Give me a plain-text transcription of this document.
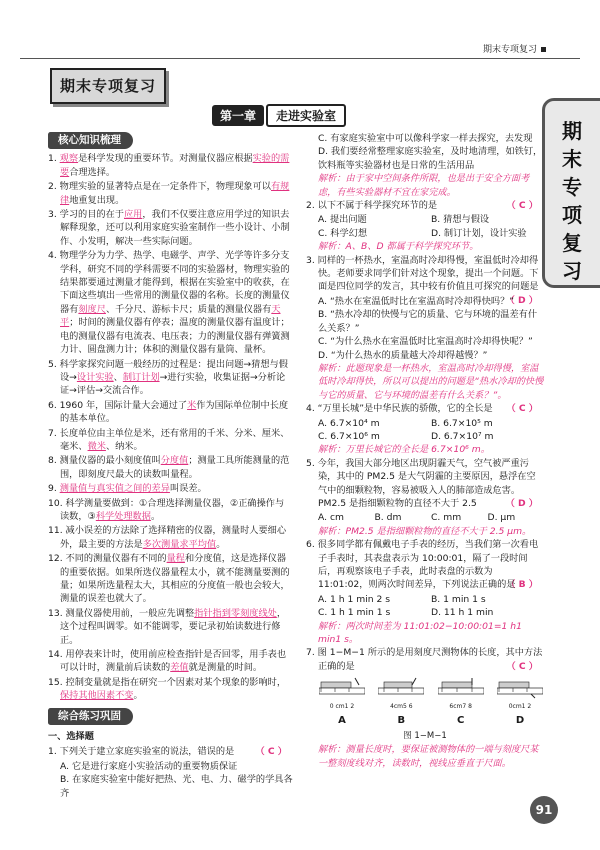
期末专项复习
期末专项复习
第一章 走进实验室
期
末
专
项
复
习
核心知识梳理
1. 观察是科学发现的重要环节。对测量仪器应根据实验的需要合理选择。
2. 物理实验的显著特点是在一定条件下，物理现象可以有规律地重复出现。
3. 学习的目的在于应用，我们不仅要注意应用学过的知识去解释现象，还可以利用家庭实验室制作一些小设计、小制作、小发明，解决一些实际问题。
4. 物理学分为力学、热学、电磁学、声学、光学等许多分支学科，研究不同的学科需要不同的实验器材，物理实验的结果都要通过测量才能得到，根据在实验室中的收获，在下面这些填出一些常用的测量仪器的名称。长度的测量仪器有刻度尺、千分尺、游标卡尺；质量的测量仪器有天平；时间的测量仪器有停表；温度的测量仪器有温度计；电的测量仪器有电流表、电压表；力的测量仪器有弹簧测力计、圆盘测力计；体积的测量仪器有量筒、量杯。
5. 科学家探究问题一般经历的过程是：提出问题→猜想与假设→设计实验、制订计划→进行实验，收集证据→分析论证→评估→交流合作。
6. 1960 年，国际计量大会通过了米作为国际单位制中长度的基本单位。
7. 长度单位由主单位是米，还有常用的千米、分米、厘米、毫米、微米、纳米。
8. 测量仪器的最小刻度值叫分度值；测量工具所能测量的范围，即刻度尺最大的读数叫量程。
9. 测量值与真实值之间的差异叫误差。
10. 科学测量要做到：①合理选择测量仪器，②正确操作与读数，③科学处理数据。
11. 减小误差的方法除了选择精密的仪器，测量时人要细心外，最主要的方法是多次测量求平均值。
12. 不同的测量仪器有不同的量程和分度值，这是选择仪器的重要依据。如果所选仪器量程太小，就不能测量要测的量；如果所选量程太大，其相应的分度值一般也会较大，测量的误差也就大了。
13. 测量仪器使用前，一般应先调整指针指到零刻度线处，这个过程叫调零。如不能调零，要记录初始读数进行修正。
14. 用停表来计时，使用前应检查指针是否回零，用手表也可以计时，测量前后读数的差值就是测量的时间。
15. 控制变量就是指在研究一个因素对某个现象的影响时，保持其他因素不变。
综合练习巩固
一、选择题
1. 下列关于建立家庭实验室的说法，错误的是 （ C ）
A. 它是进行家庭小实验活动的重要物质保证
B. 在家庭实验室中能好把热、光、电、力、磁学的学具各齐
C. 有家庭实验室中可以像科学家一样去探究，去发现
D. 我们要经常整理家庭实验室，及时地清理，如铁钉，饮料瓶等实验器材也是日常的生活用品
解析：由于家中空间条件所限，也是出于安全方面考虑，有些实验器材不宜在家完成。
2. 以下不属于科学探究环节的是	（ C ）
A. 提出问题	B. 猜想与假设
C. 科学幻想	D. 制订计划，设计实验
解析：A、B、D 都属于科学探究环节。
3. 同样的一杯热水，室温高时冷却得慢，室温低时冷却得快。老师要求同学们针对这个现象，提出一个问题。下面是四位同学的发言，其中较有价值且可探究的问题是
（ D ）
A. “热水在室温低时比在室温高时冷却得快吗？”
B. “热水冷却的快慢与它的质量、它与环境的温差有什么关系？”
C. “为什么热水在室温低时比室温高时冷却得快呢？”
D. “为什么热水的质量越大冷却得越慢？”
解析：此题现象是一杯热水，室温高时冷却得慢，室温低时冷却得快，所以可以提出的问题是“热水冷却的快慢与它的质量、它与环境的温差有什么关系？”。
4. “万里长城”是中华民族的骄傲，它的全长是 （ C ）
A. 6.7×10⁴ m	B. 6.7×10⁵ m
C. 6.7×10⁶ m	D. 6.7×10⁷ m
解析：万里长城它的全长是 6.7×10⁶ m。
5. 今年，我国大部分地区出现阴霾天气，空气被严重污染，其中的 PM2.5 是大气阴霾的主要原因，悬浮在空气中的细颗粒物，容易被吸入人的肺部造成危害。PM2.5 是指细颗粒物的直径不大于 2.5	（ D ）
A. cm	B. dm	C. mm	D. μm
解析：PM2.5 是指细颗粒物的直径不大于 2.5 μm。
6. 很多同学都有佩戴电子手表的经历，当我们第一次看电子手表时，其表盘表示为 10:00:01，隔了一段时间后，再观察该电子手表，此时表盘的示数为 11:01:02，则两次时间差异，下列说法正确的是
（ B ）
A. 1 h 1 min 2 s	B. 1 min 1 s
C. 1 h 1 min 1 s	D. 11 h 1 min
解析：两次时间差为 11:01:02−10:00:01=1 h1 min1 s。
7. 图 1−M−1 所示的是用刻度尺测物体的长度，其中方法正确的是	（ C ）
0 cm1 2
A
4cm5 6
B
6cm7 8
C
0cm1 2
D
图 1−M−1
解析：测量长度时，要保证被测物体的一端与刻度尺某一整刻度线对齐，读数时，视线应垂直于尺面。
91
